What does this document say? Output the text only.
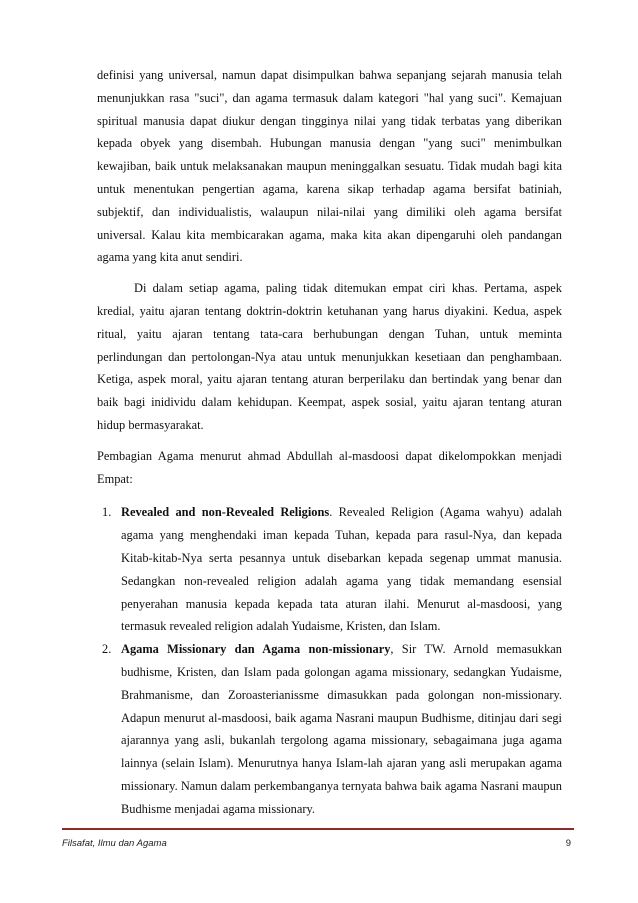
definisi yang universal, namun dapat disimpulkan bahwa sepanjang sejarah manusia telah menunjukkan rasa "suci", dan agama termasuk dalam kategori "hal yang suci". Kemajuan spiritual manusia dapat diukur dengan tingginya nilai yang tidak terbatas yang diberikan kepada obyek yang disembah. Hubungan manusia dengan "yang suci" menimbulkan kewajiban, baik untuk melaksanakan maupun meninggalkan sesuatu. Tidak mudah bagi kita untuk menentukan pengertian agama, karena sikap terhadap agama bersifat batiniah, subjektif, dan individualistis, walaupun nilai-nilai yang dimiliki oleh agama bersifat universal. Kalau kita membicarakan agama, maka kita akan dipengaruhi oleh pandangan agama yang kita anut sendiri.

Di dalam setiap agama, paling tidak ditemukan empat ciri khas. Pertama, aspek kredial, yaitu ajaran tentang doktrin-doktrin ketuhanan yang harus diyakini. Kedua, aspek ritual, yaitu ajaran tentang tata-cara berhubungan dengan Tuhan, untuk meminta perlindungan dan pertolongan-Nya atau untuk menunjukkan kesetiaan dan penghambaan. Ketiga, aspek moral, yaitu ajaran tentang aturan berperilaku dan bertindak yang benar dan baik bagi inidividu dalam kehidupan. Keempat, aspek sosial, yaitu ajaran tentang aturan hidup bermasyarakat.

Pembagian Agama menurut ahmad Abdullah al-masdoosi dapat dikelompokkan menjadi Empat:

1. Revealed and non-Revealed Religions. Revealed Religion (Agama wahyu) adalah agama yang menghendaki iman kepada Tuhan, kepada para rasul-Nya, dan kepada Kitab-kitab-Nya serta pesannya untuk disebarkan kepada segenap ummat manusia. Sedangkan non-revealed religion adalah agama yang tidak memandang esensial penyerahan manusia kepada kepada tata aturan ilahi. Menurut al-masdoosi, yang termasuk revealed religion adalah Yudaisme, Kristen, dan Islam.

2. Agama Missionary dan Agama non-missionary, Sir TW. Arnold memasukkan budhisme, Kristen, dan Islam pada golongan agama missionary, sedangkan Yudaisme, Brahmanisme, dan Zoroasterianissme dimasukkan pada golongan non-missionary. Adapun menurut al-masdoosi, baik agama Nasrani maupun Budhisme, ditinjau dari segi ajarannya yang asli, bukanlah tergolong agama missionary, sebagaimana juga agama lainnya (selain Islam). Menurutnya hanya Islam-lah ajaran yang asli merupakan agama missionary. Namun dalam perkembanganya ternyata bahwa baik agama Nasrani maupun Budhisme menjadai agama missionary.

Filsafat, Ilmu dan Agama	9
